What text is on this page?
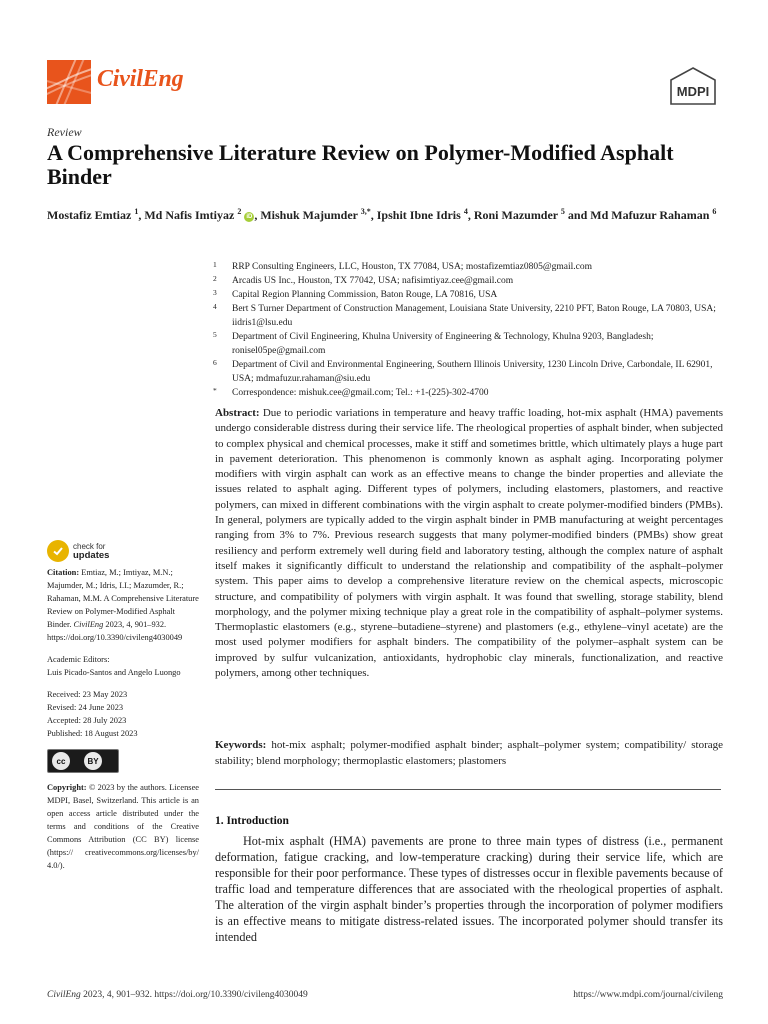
CivilEng	MDPI
Review
A Comprehensive Literature Review on Polymer-Modified Asphalt Binder
Mostafiz Emtiaz $^1$, Md Nafis Imtiyaz $^2$ iD , Mishuk Majumder $^{3,*}$, Ipshit Ibne Idris $^4$, Roni Mazumder $^5$ and Md Mafuzur Rahaman $^6$
1 RRP Consulting Engineers, LLC, Houston, TX 77084, USA; mostafizemtiaz0805@gmail.com
2 Arcadis US Inc., Houston, TX 77042, USA; nafisimtiyaz.cee@gmail.com
3 Capital Region Planning Commission, Baton Rouge, LA 70816, USA
4 Bert S Turner Department of Construction Management, Louisiana State University, 2210 PFT, Baton Rouge, LA 70803, USA; iidris1@lsu.edu
5 Department of Civil Engineering, Khulna University of Engineering & Technology, Khulna 9203, Bangladesh; ronisel05pe@gmail.com
6 Department of Civil and Environmental Engineering, Southern Illinois University, 1230 Lincoln Drive, Carbondale, IL 62901, USA; mdmafuzur.rahaman@siu.edu
* Correspondence: mishuk.cee@gmail.com; Tel.: +1-(225)-302-4700
check for
updates
Citation: Emtiaz, M.; Imtiyaz, M.N.; Majumder, M.; Idris, I.I.; Mazumder, R.; Rahaman, M.M. A Comprehensive Literature Review on Polymer-Modified Asphalt Binder. CivilEng 2023, 4, 901–932. https://doi.org/10.3390/civileng4030049
Academic Editors:
Luis Picado-Santos and Angelo Luongo
Received: 23 May 2023
Revised: 24 June 2023
Accepted: 28 July 2023
Published: 18 August 2023
cc	BY
Copyright: © 2023 by the authors. Licensee MDPI, Basel, Switzerland. This article is an open access article distributed under the terms and conditions of the Creative Commons Attribution (CC BY) license (https:// creativecommons.org/licenses/by/ 4.0/).
Abstract: Due to periodic variations in temperature and heavy traffic loading, hot-mix asphalt (HMA) pavements undergo considerable distress during their service life. The rheological properties of asphalt binder, when subjected to complex physical and chemical processes, make it stiff and sometimes brittle, which ultimately plays a huge part in pavement deterioration. This phenomenon is commonly known as asphalt aging. Incorporating polymer modifiers with virgin asphalt can work as an effective means to change the binder properties and alleviate the issues related to asphalt aging. Different types of polymers, including elastomers, plastomers, and reactive polymers, can mixed in different combinations with the virgin asphalt to create polymer-modified binders (PMBs). In general, polymers are typically added to the virgin asphalt binder in PMB manufacturing at weight percentages ranging from 3% to 7%. Previous research suggests that many polymer-modified binders (PMBs) show great resiliency and perform extremely well during field and laboratory testing, although the complex nature of asphalt itself makes it significantly difficult to understand the relationship and compatibility of the asphalt–polymer system. This paper aims to develop a comprehensive literature review on the chemical aspects, microscopic structure, and compatibility of polymers with virgin asphalt. It was found that swelling, storage stability, blend morphology, and the polymer mixing technique play a great role in the compatibility of asphalt–polymer systems. Thermoplastic elastomers (e.g., styrene–butadiene–styrene) and plastomers (e.g., ethylene–vinyl acetate) are the most used polymer modifiers for asphalt binders. The compatibility of the polymer–asphalt system can be improved by sulfur vulcanization, antioxidants, hydrophobic clay minerals, functionalization, and reactive polymers, among other techniques.
Keywords: hot-mix asphalt; polymer-modified asphalt binder; asphalt–polymer system; compatibility/ storage stability; blend morphology; thermoplastic elastomers; plastomers
1. Introduction
Hot-mix asphalt (HMA) pavements are prone to three main types of distress (i.e., permanent deformation, fatigue cracking, and low-temperature cracking) during their service life, which are responsible for their poor performance. These types of distresses occur in flexible pavements because of traffic load and temperature differences that are associated with the rheological properties of asphalt. The alteration of the virgin asphalt binder’s properties through the incorporation of polymer modifiers is an effective means to mitigate distress-related issues. The incorporated polymer should transfer its intended
CivilEng 2023, 4, 901–932. https://doi.org/10.3390/civileng4030049	https://www.mdpi.com/journal/civileng
